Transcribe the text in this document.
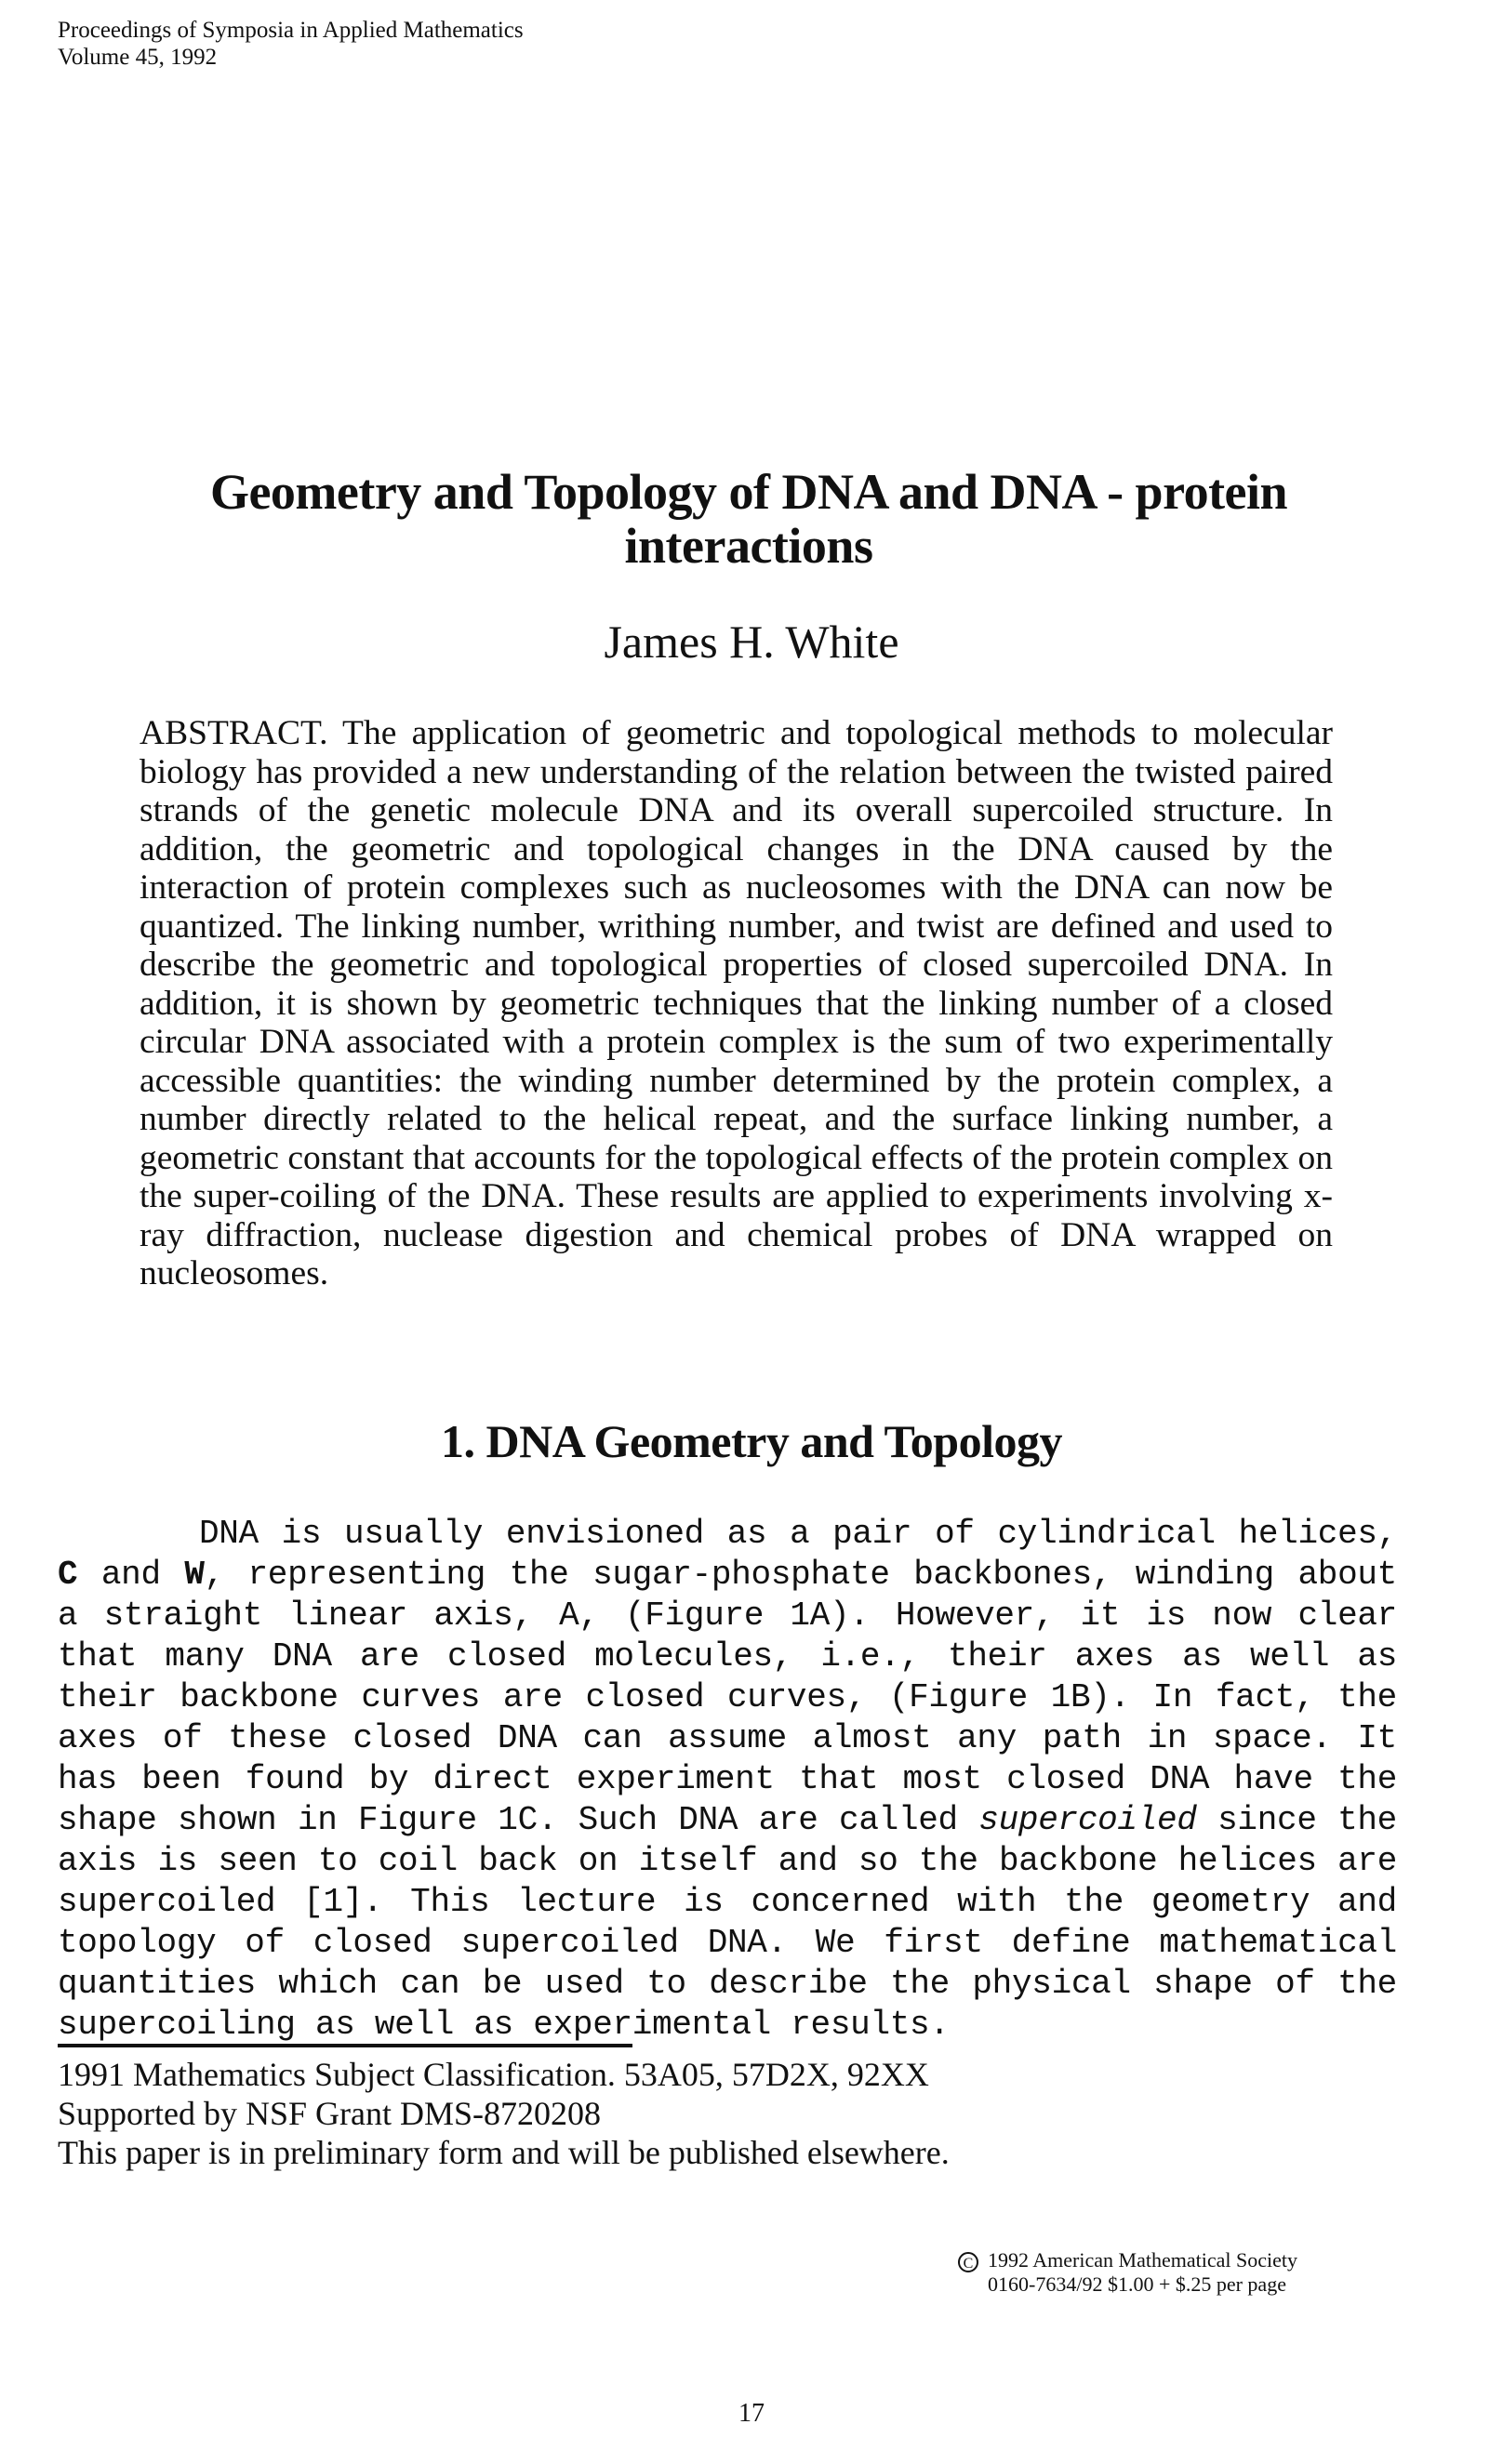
Proceedings of Symposia in Applied Mathematics
Volume 45, 1992
Geometry and Topology of DNA and DNA - protein interactions
James H. White

ABSTRACT. The application of geometric and topological methods to molecular biology has provided a new understanding of the relation between the twisted paired strands of the genetic molecule DNA and its overall supercoiled structure. In addition, the geometric and topological changes in the DNA caused by the interaction of protein complexes such as nucleosomes with the DNA can now be quantized. The linking number, writhing number, and twist are defined and used to describe the geometric and topological properties of closed supercoiled DNA. In addition, it is shown by geometric techniques that the linking number of a closed circular DNA associated with a protein complex is the sum of two experimentally accessible quantities: the winding number determined by the protein complex, a number directly related to the helical repeat, and the surface linking number, a geometric constant that accounts for the topological effects of the protein complex on the super-coiling of the DNA. These results are applied to experiments involving x-ray diffraction, nuclease digestion and chemical probes of DNA wrapped on nucleosomes.

1. DNA Geometry and Topology

DNA is usually envisioned as a pair of cylindrical helices, C and W, representing the sugar-phosphate backbones, winding about a straight linear axis, A, (Figure 1A). However, it is now clear that many DNA are closed molecules, i.e., their axes as well as their backbone curves are closed curves, (Figure 1B). In fact, the axes of these closed DNA can assume almost any path in space. It has been found by direct experiment that most closed DNA have the shape shown in Figure 1C. Such DNA are called supercoiled since the axis is seen to coil back on itself and so the backbone helices are supercoiled [1]. This lecture is concerned with the geometry and topology of closed supercoiled DNA. We first define mathematical quantities which can be used to describe the physical shape of the supercoiling as well as experimental results.

1991 Mathematics Subject Classification. 53A05, 57D2X, 92XX
Supported by NSF Grant DMS-8720208
This paper is in preliminary form and will be published elsewhere.
C 1992 American Mathematical Society
0160-7634/92 $1.00 + $.25 per page
17
